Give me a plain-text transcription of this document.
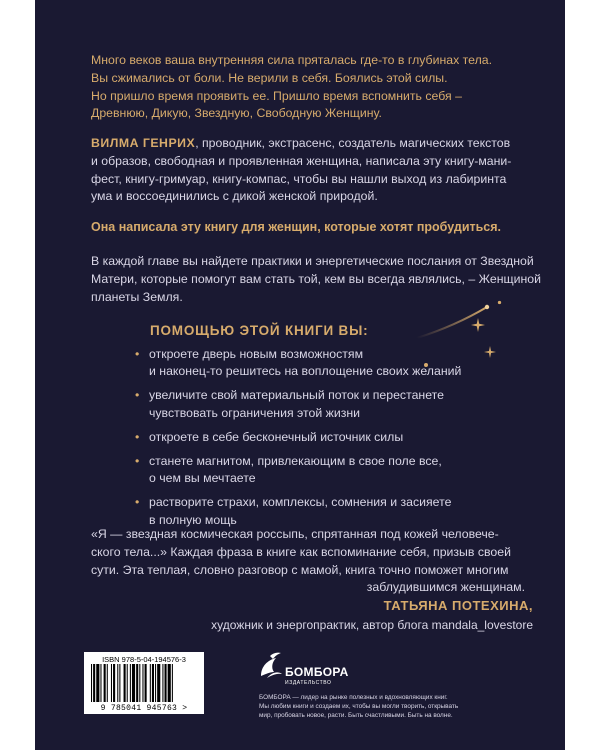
Много веков ваша внутренняя сила пряталась где-то в глубинах тела.
Вы сжимались от боли. Не верили в себя. Боялись этой силы.
Но пришло время проявить ее. Пришло время вспомнить себя –
Древнюю, Дикую, Звездную, Свободную Женщину.
ВИЛМА ГЕНРИХ, проводник, экстрасенс, создатель магических текстов
и образов, свободная и проявленная женщина, написала эту книгу-мани-
фест, книгу-гримуар, книгу-компас, чтобы вы нашли выход из лабиринта
ума и воссоединились с дикой женской природой.
Она написала эту книгу для женщин, которые хотят пробудиться.
В каждой главе вы найдете практики и энергетические послания от Звездной
Матери, которые помогут вам стать той, кем вы всегда являлись, – Женщиной
планеты Земля.
ПОМОЩЬЮ ЭТОЙ КНИГИ ВЫ:
• откроете дверь новым возможностям
и наконец-то решитесь на воплощение своих желаний
• увеличите свой материальный поток и перестанете
чувствовать ограничения этой жизни
• откроете в себе бесконечный источник силы
• станете магнитом, привлекающим в свое поле все,
о чем вы мечтаете
• растворите страхи, комплексы, сомнения и засияете
в полную мощь
«Я — звездная космическая россыпь, спрятанная под кожей человече-
ского тела...» Каждая фраза в книге как вспоминание себя, призыв своей
сути. Эта теплая, словно разговор с мамой, книга точно поможет многим
заблудившимся женщинам.
ТАТЬЯНА ПОТЕХИНА,
художник и энергопрактик, автор блога mandala_lovestore
ISBN 978-5-04-194576-3
9 785041 945763 >
БОМБОРА
ИЗДАТЕЛЬСТВО
БОМБОРА — лидер на рынке полезных и вдохновляющих книг.
Мы любим книги и создаем их, чтобы вы могли творить, открывать
мир, пробовать новое, расти. Быть счастливыми. Быть на волне.
